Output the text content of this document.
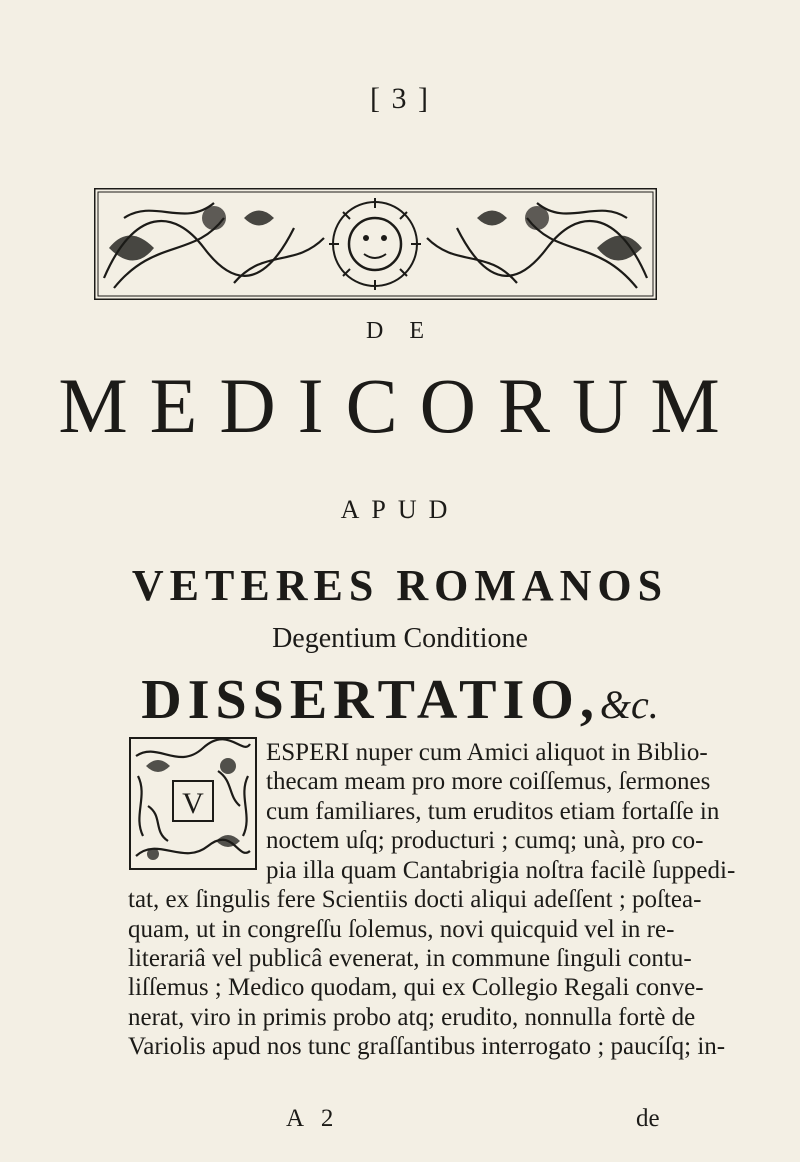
[ 3 ]
D E
MEDICORUM
APUD
VETERES ROMANOS
Degentium Conditione
DISSERTATIO,&c.
V
ESPERI nuper cum Amici aliquot in Biblio-
thecam meam pro more coiſſemus, ſermones
cum familiares, tum eruditos etiam fortaſſe in
noctem uſq; producturi ; cumq; unà, pro co-
pia illa quam Cantabrigia noſtra facilè ſuppedi-
tat, ex ſingulis fere Scientiis docti aliqui adeſſent ; poſtea-
quam, ut in congreſſu ſolemus, novi quicquid vel in re-
literariâ vel publicâ evenerat, in commune ſinguli contu-
liſſemus ; Medico quodam, qui ex Collegio Regali conve-
nerat, viro in primis probo atq; erudito, nonnulla fortè de
Variolis apud nos tunc graſſantibus interrogato ; paucíſq; in-
A 2	de
